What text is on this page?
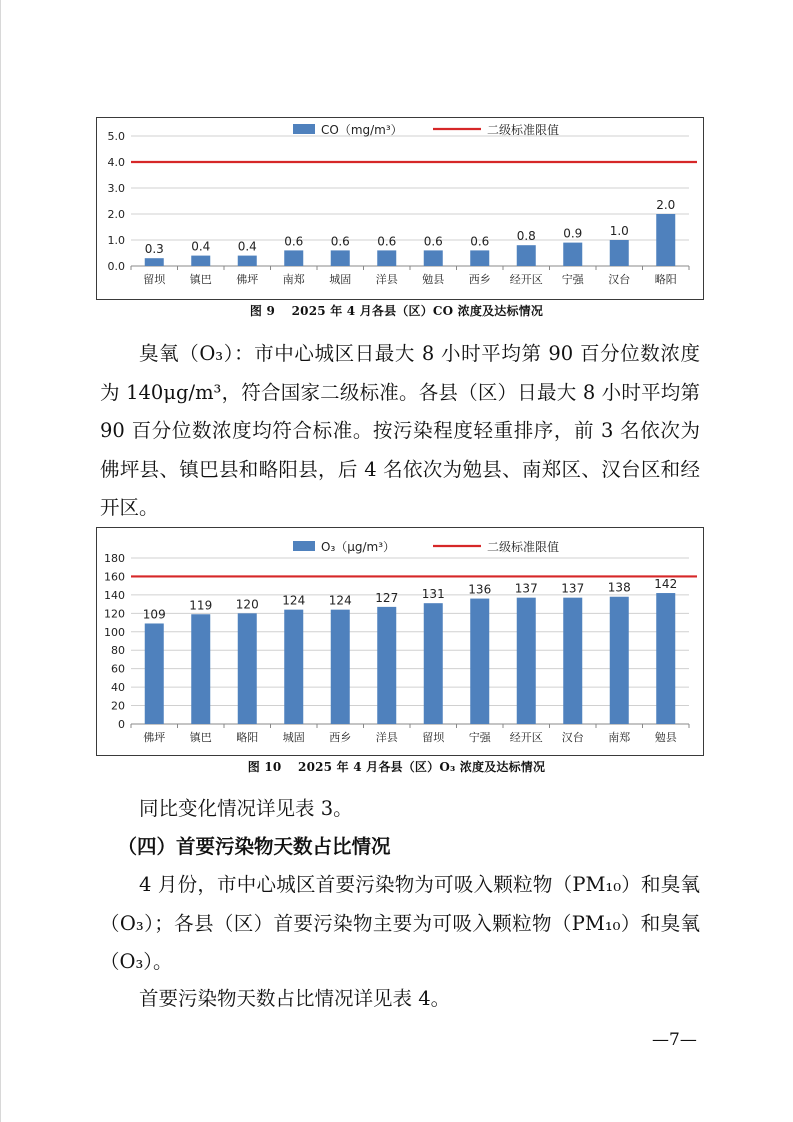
0.0
1.0
2.0
3.0
4.0
5.0
0.3
留坝
0.4
镇巴
0.4
佛坪
0.6
南郑
0.6
城固
0.6
洋县
0.6
勉县
0.6
西乡
0.8
经开区
0.9
宁强
1.0
汉台
2.0
略阳
CO（mg/m³）	二级标准限值
图 9　 2025 年 4 月各县（区）CO 浓度及达标情况

臭氧（O₃）：市中心城区日最大 8 小时平均第 90 百分位数浓度为 140μg/m³，符合国家二级标准。各县（区）日最大 8 小时平均第 90 百分位数浓度均符合标准。按污染程度轻重排序，前 3 名依次为佛坪县、镇巴县和略阳县，后 4 名依次为勉县、南郑区、汉台区和经开区。

0
20
40
60
80
100
120
140
160
180
109
佛坪
119
镇巴
120
略阳
124
城固
124
西乡
127
洋县
131
留坝
136
宁强
137
经开区
137
汉台
138
南郑
142
勉县
O₃（μg/m³）	二级标准限值
图 10　 2025 年 4 月各县（区）O₃ 浓度及达标情况

同比变化情况详见表 3。

（四）首要污染物天数占比情况

4 月份，市中心城区首要污染物为可吸入颗粒物（PM₁₀）和臭氧（O₃）；各县（区）首要污染物主要为可吸入颗粒物（PM₁₀）和臭氧（O₃）。

首要污染物天数占比情况详见表 4。

—7—
